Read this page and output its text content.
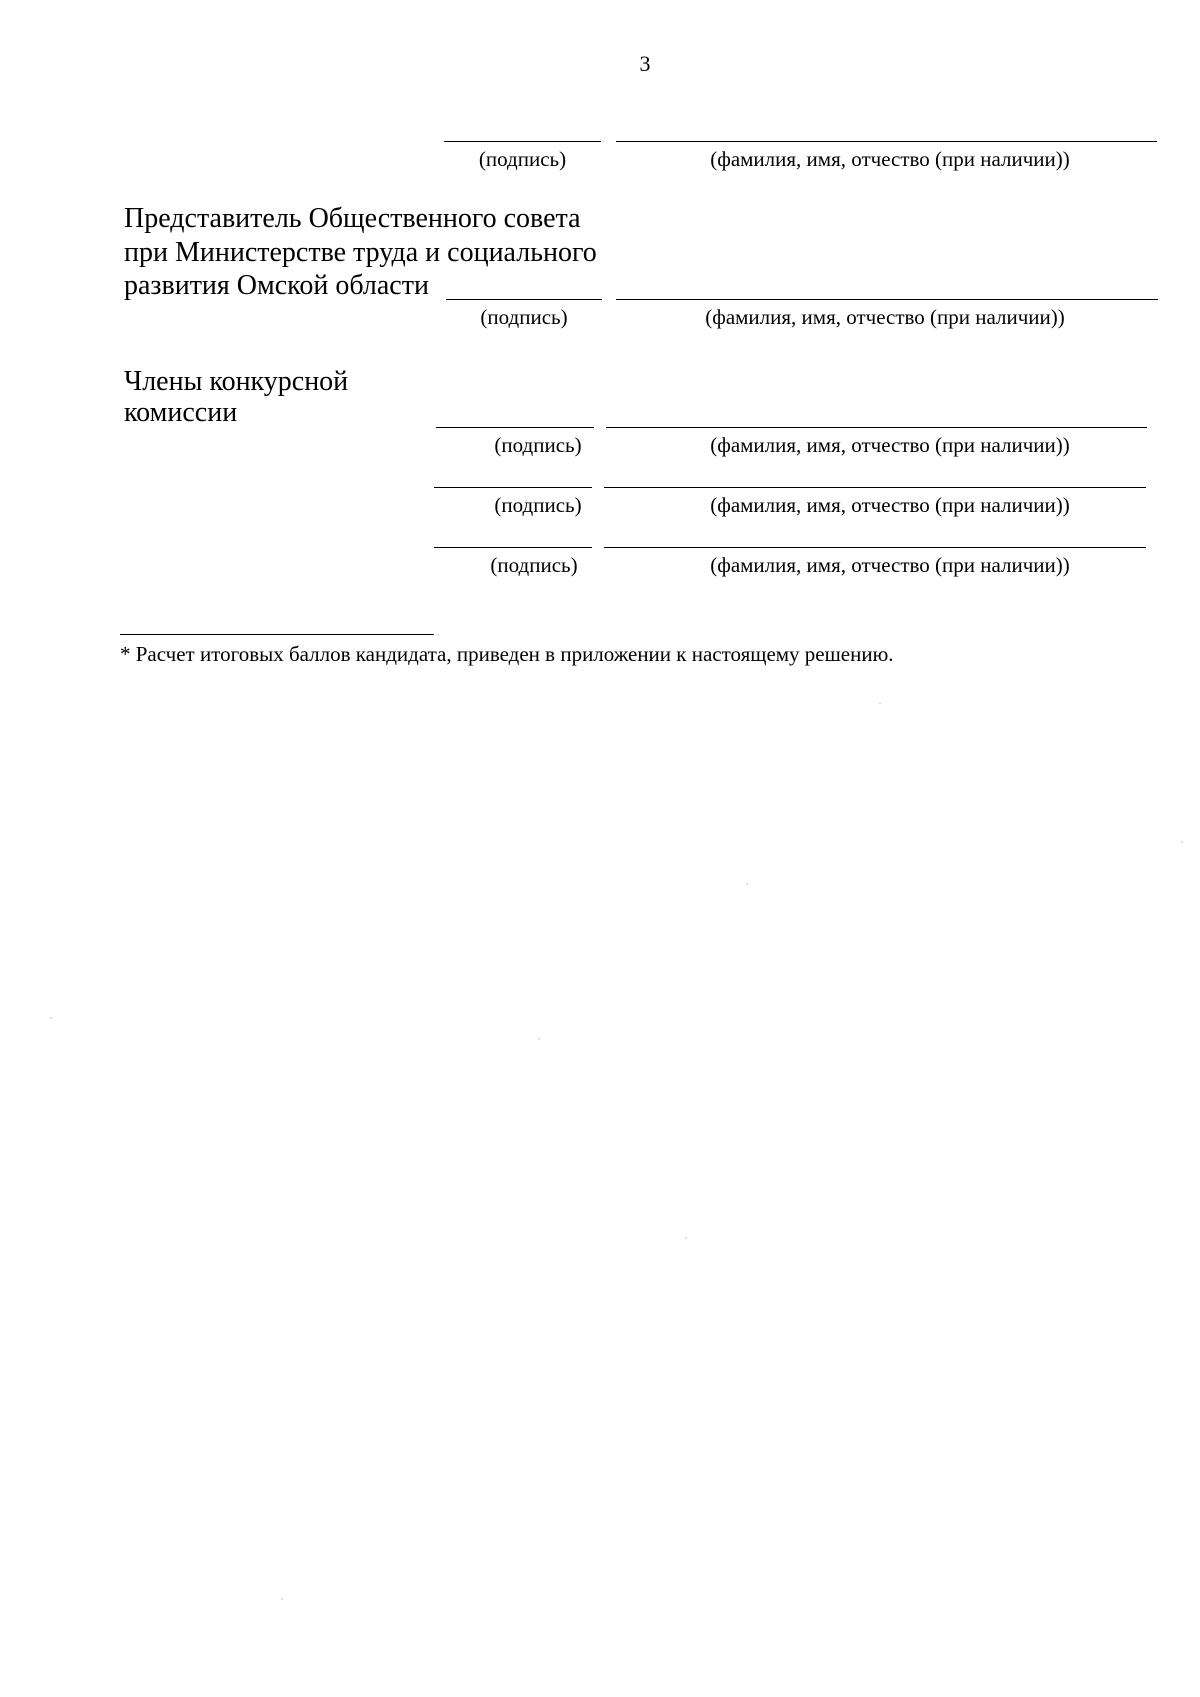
3
(подпись)	(фамилия, имя, отчество (при наличии))
Представитель Общественного совета
при Министерстве труда и социального
развития Омской области
(подпись)	(фамилия, имя, отчество (при наличии))
Члены конкурсной
комиссии
(подпись)	(фамилия, имя, отчество (при наличии))
(подпись)	(фамилия, имя, отчество (при наличии))
(подпись)	(фамилия, имя, отчество (при наличии))
* Расчет итоговых баллов кандидата, приведен в приложении к настоящему решению.
